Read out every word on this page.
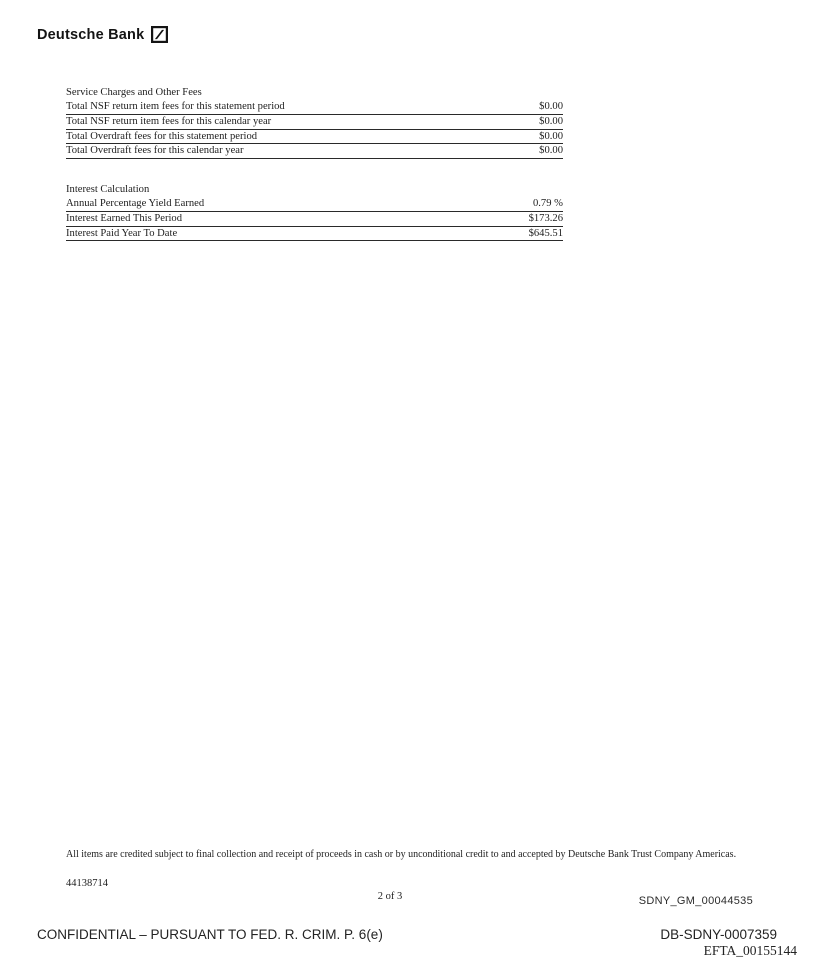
Deutsche Bank
Service Charges and Other Fees
Total NSF return item fees for this statement period	$0.00
Total NSF return item fees for this calendar year	$0.00
Total Overdraft fees for this statement period	$0.00
Total Overdraft fees for this calendar year	$0.00
Interest Calculation
Annual Percentage Yield Earned	0.79 %
Interest Earned This Period	$173.26
Interest Paid Year To Date	$645.51
All items are credited subject to final collection and receipt of proceeds in cash or by unconditional credit to and accepted by Deutsche Bank Trust Company Americas.
44138714
2 of 3	SDNY_GM_00044535
CONFIDENTIAL – PURSUANT TO FED. R. CRIM. P. 6(e)	DB-SDNY-0007359
EFTA_00155144
